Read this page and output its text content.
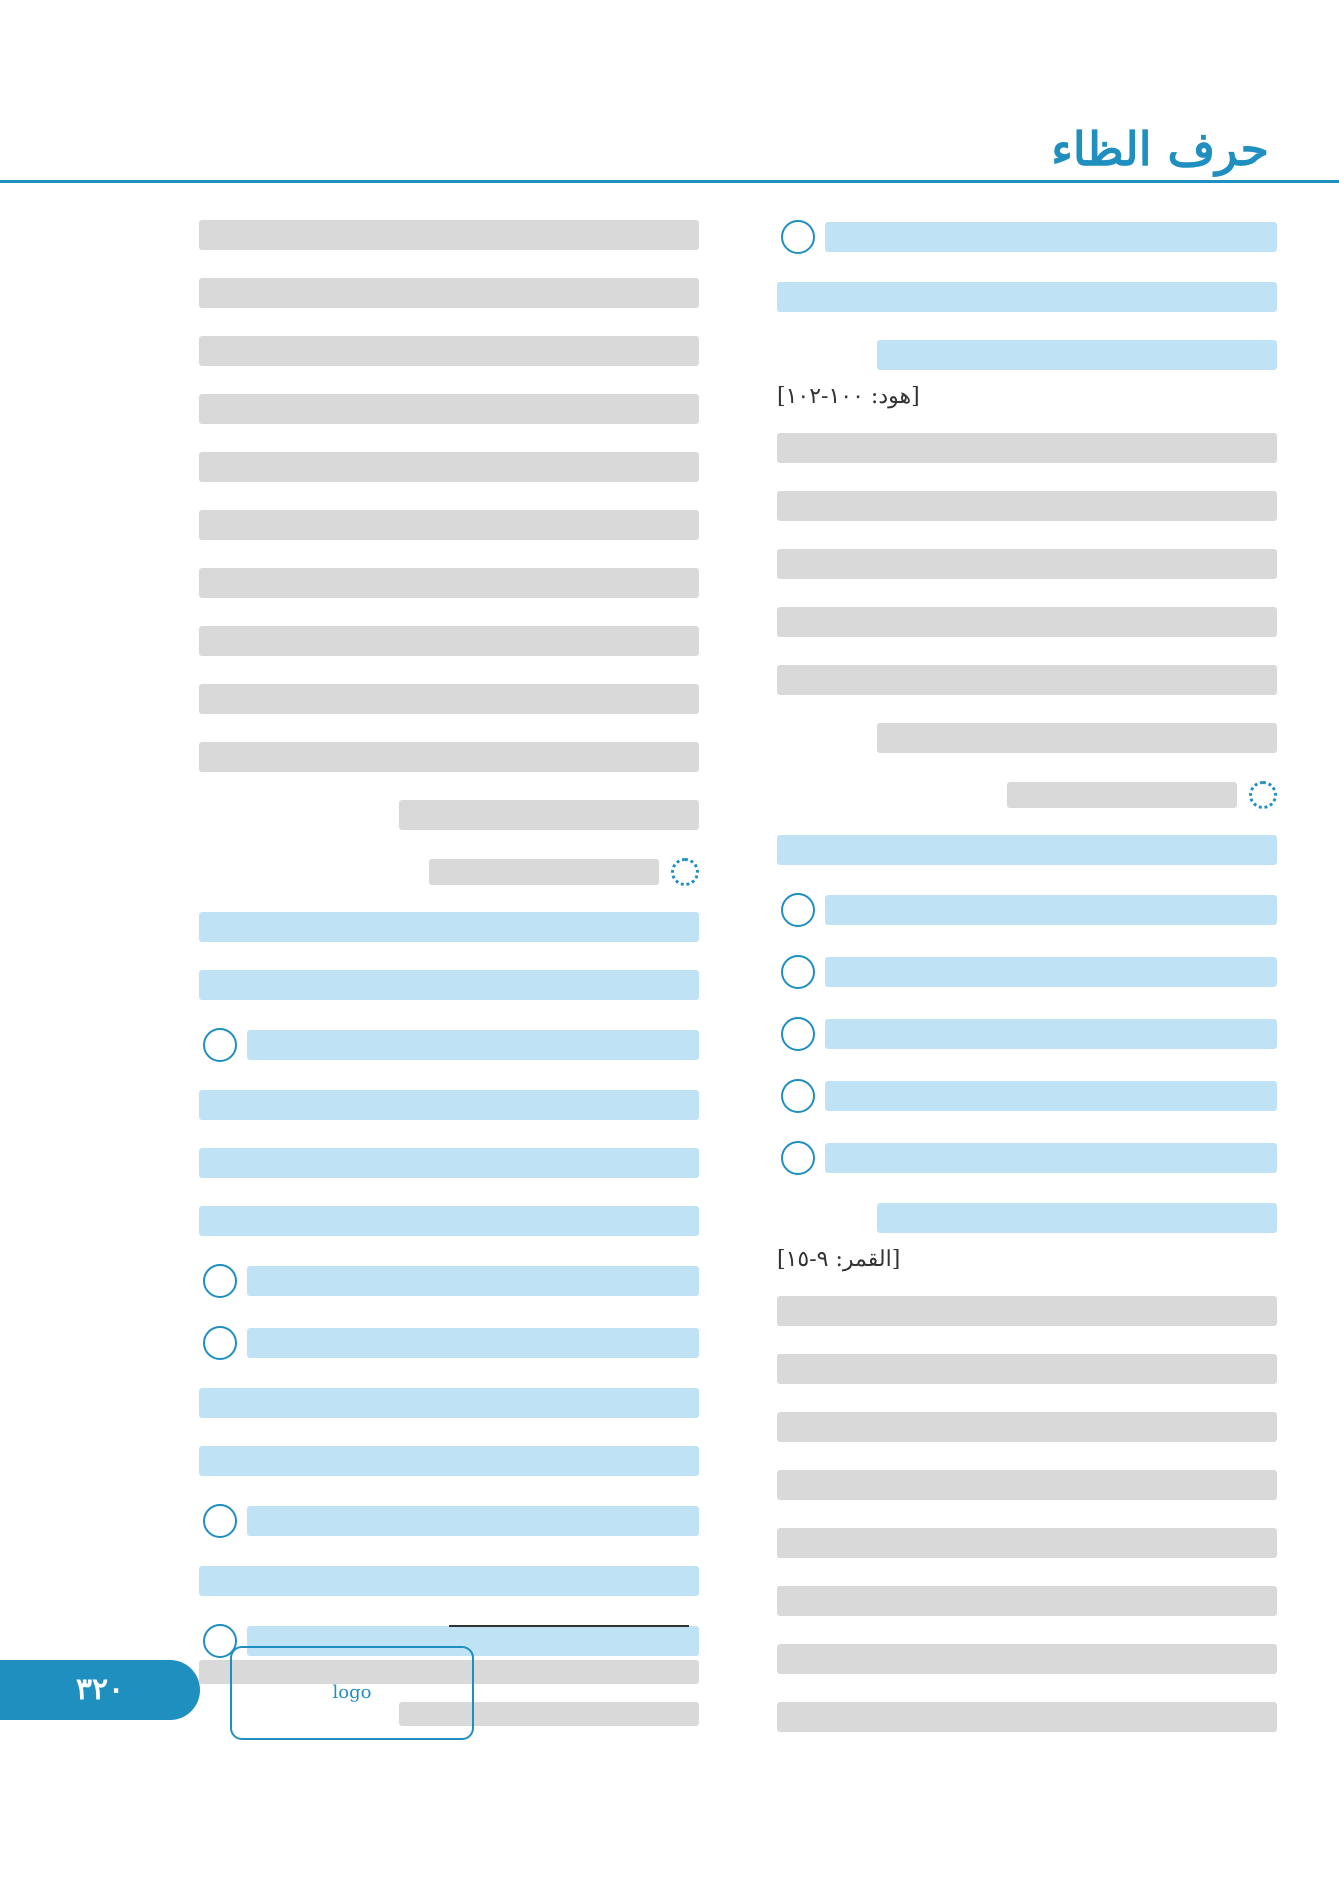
حرف الظاء
[هود: ١٠٠-١٠٢]
[القمر: ٩-١٥]
٣٢٠	logo
